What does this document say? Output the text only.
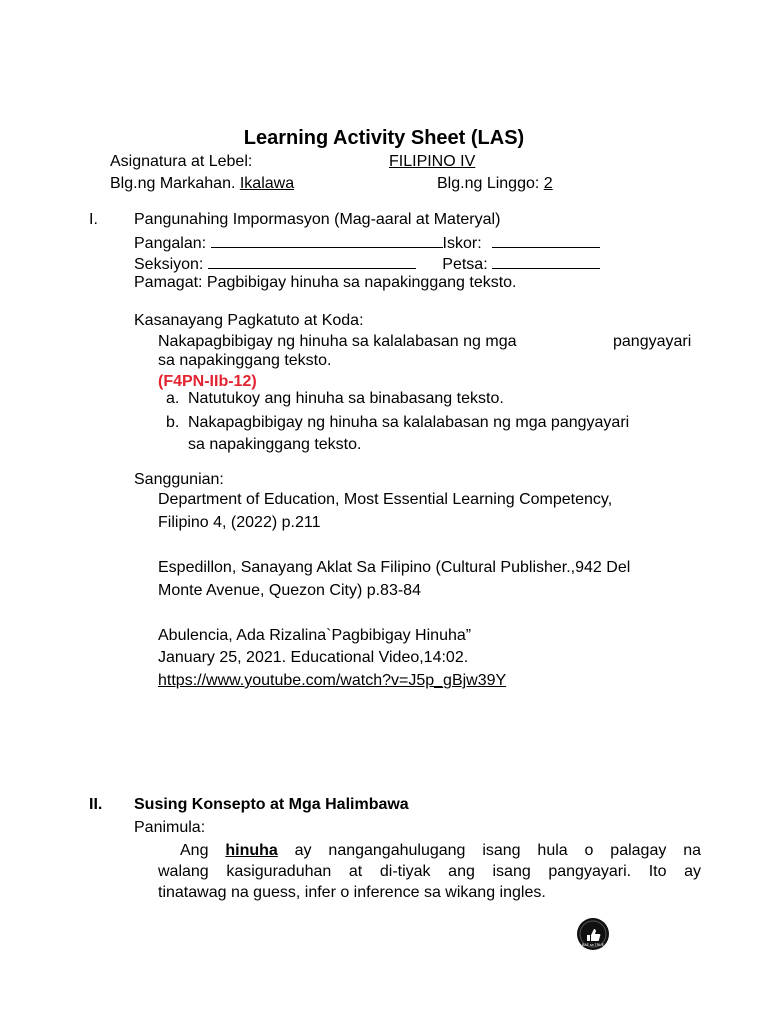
Learning Activity Sheet (LAS)
Asignatura at Lebel:	FILIPINO IV
Blg.ng Markahan. Ikalawa	Blg.ng Linggo: 2
I. Pangunahing Impormasyon (Mag-aaral at Materyal)
Pangalan:	Iskor:
Seksiyon:	Petsa:
Pamagat: Pagbibigay hinuha sa napakinggang teksto.
Kasanayang Pagkatuto at Koda:
Nakapagbibigay ng hinuha sa kalalabasan ng mga	pangyayari
sa napakinggang teksto.
(F4PN-IIb-12)
a. Natutukoy ang hinuha sa binabasang teksto.
b. Nakapagbibigay ng hinuha sa kalalabasan ng mga pangyayari
sa napakinggang teksto.
Sanggunian:
Department of Education, Most Essential Learning Competency,
Filipino 4, (2022) p.211
Espedillon, Sanayang Aklat Sa Filipino (Cultural Publisher.,942 Del
Monte Avenue, Quezon City) p.83-84
Abulencia, Ada Rizalina`Pagbibigay Hinuha”
January 25, 2021. Educational Video,14:02.
https://www.youtube.com/watch?v=J5p_gBjw39Y
II. Susing Konsepto at Mga Halimbawa
Panimula:
Ang hinuha ay nangangahulugang isang hula o palagay na
walang kasiguraduhan at di-tiyak ang isang pangyayari. Ito ay
tinatawag na guess, infer o inference sa wikang ingles.
BAE sa TRUE
